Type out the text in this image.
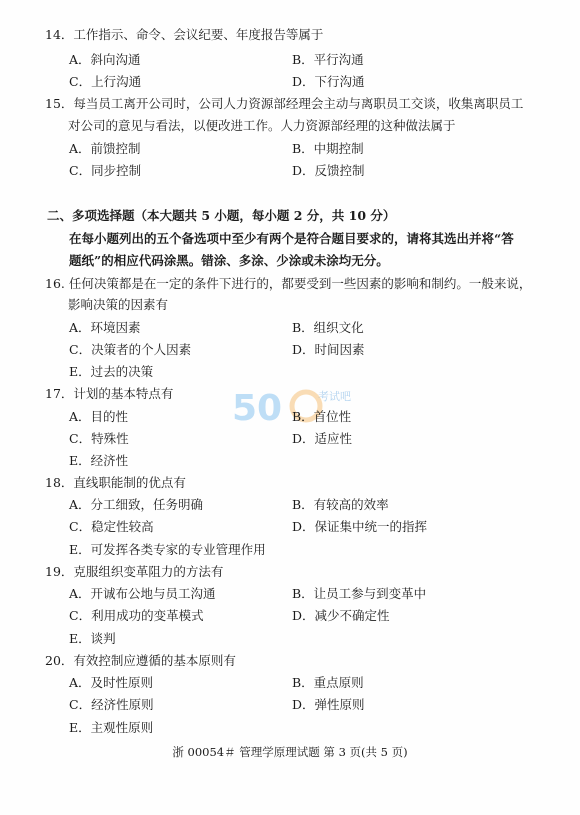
14．工作指示、命令、会议纪要、年度报告等属于
A．斜向沟通	B．平行沟通
C．上行沟通	D．下行沟通
15．每当员工离开公司时，公司人力资源部经理会主动与离职员工交谈，收集离职员工
对公司的意见与看法，以便改进工作。人力资源部经理的这种做法属于
A．前馈控制	B．中期控制
C．同步控制	D．反馈控制
二、多项选择题（本大题共 5 小题，每小题 2 分，共 10 分）
在每小题列出的五个备选项中至少有两个是符合题目要求的，请将其选出并将“答
题纸”的相应代码涂黑。错涂、多涂、少涂或未涂均无分。
16. 任何决策都是在一定的条件下进行的，都要受到一些因素的影响和制约。一般来说，
影响决策的因素有
A．环境因素	B．组织文化
C．决策者的个人因素	D．时间因素
E．过去的决策
50	考试吧
17．计划的基本特点有
A．目的性	B．首位性
C．特殊性	D．适应性
E．经济性
18．直线职能制的优点有
A．分工细致，任务明确	B．有较高的效率
C．稳定性较高	D．保证集中统一的指挥
E．可发挥各类专家的专业管理作用
19．克服组织变革阻力的方法有
A．开诚布公地与员工沟通	B．让员工参与到变革中
C．利用成功的变革模式	D．减少不确定性
E．谈判
20．有效控制应遵循的基本原则有
A．及时性原则	B．重点原则
C．经济性原则	D．弹性原则
E．主观性原则
浙 00054＃ 管理学原理试题 第 3 页(共 5 页)
